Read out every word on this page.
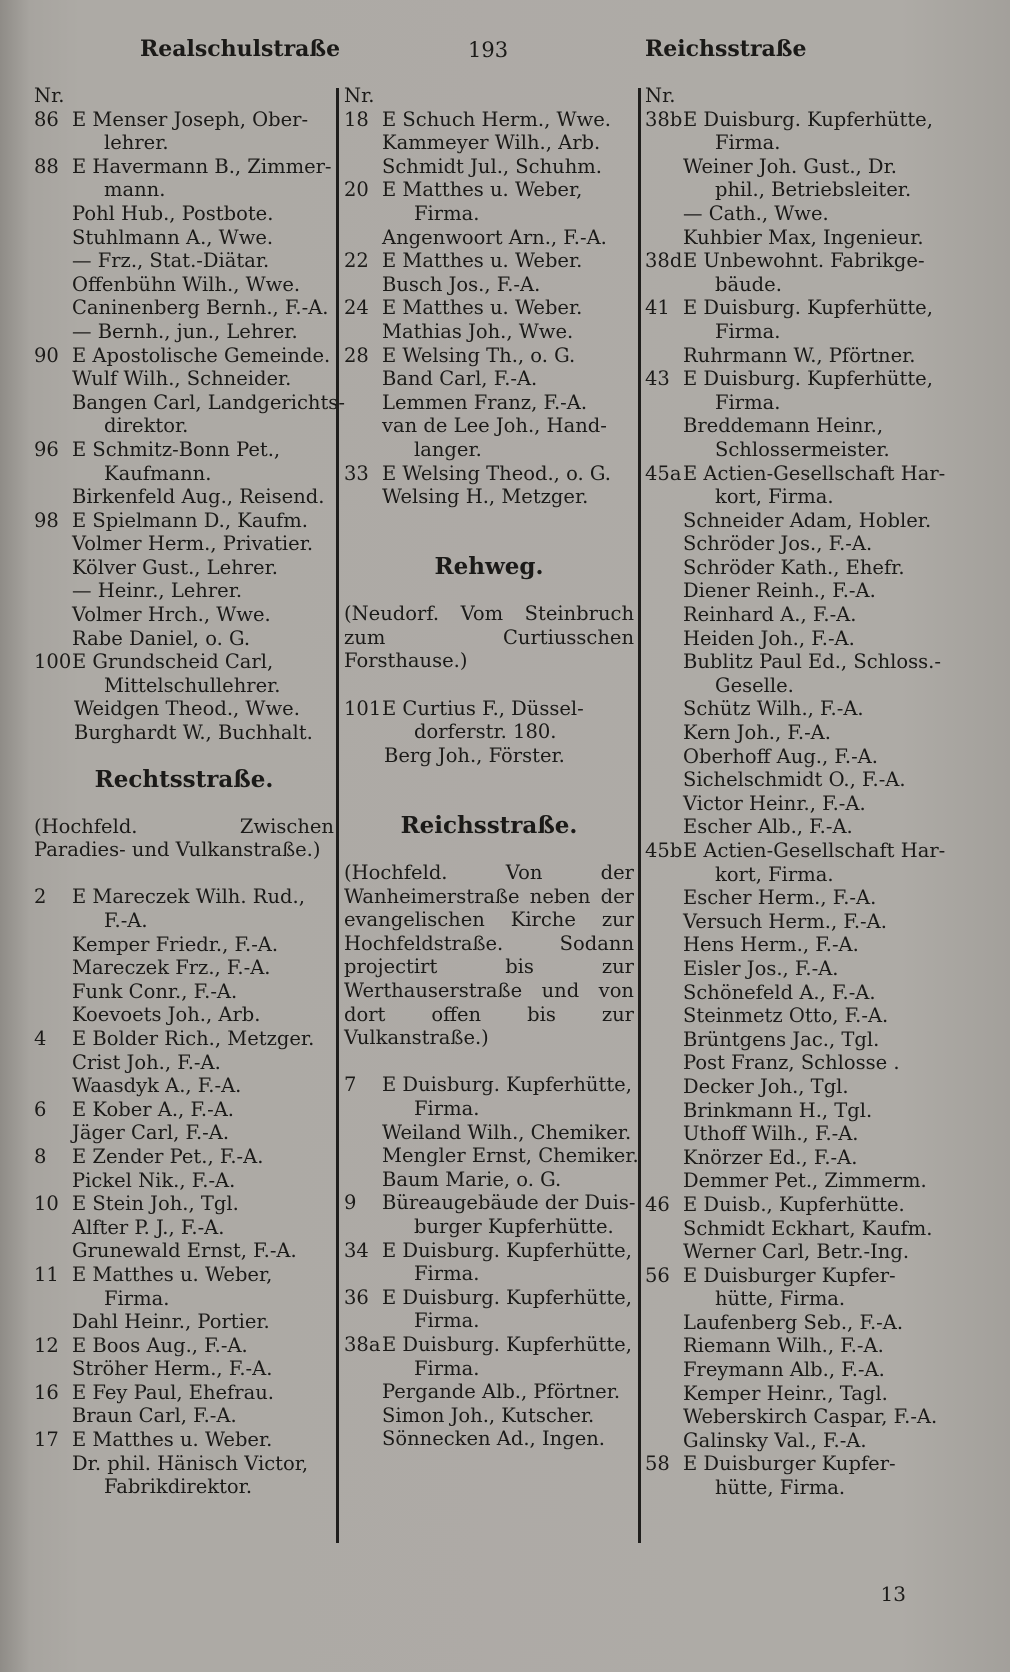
Realschulstraße	193	Reichsstraße
Nr.
86 E Menser Joseph, Ober-
lehrer.
88 E Havermann B., Zimmer-
mann.
Pohl Hub., Postbote.
Stuhlmann A., Wwe.
— Frz., Stat.-Diätar.
Offenbühn Wilh., Wwe.
Caninenberg Bernh., F.-A.
— Bernh., jun., Lehrer.
90 E Apostolische Gemeinde.
Wulf Wilh., Schneider.
Bangen Carl, Landgerichts-
direktor.
96 E Schmitz-Bonn Pet.,
Kaufmann.
Birkenfeld Aug., Reisend.
98 E Spielmann D., Kaufm.
Volmer Herm., Privatier.
Kölver Gust., Lehrer.
— Heinr., Lehrer.
Volmer Hrch., Wwe.
Rabe Daniel, o. G.
100E Grundscheid Carl,
Mittelschullehrer.
Weidgen Theod., Wwe.
Burghardt W., Buchhalt.
Rechtsstraße.
(Hochfeld. Zwischen Paradies- und Vulkanstraße.)
2 E Mareczek Wilh. Rud.,
F.-A.
Kemper Friedr., F.-A.
Mareczek Frz., F.-A.
Funk Conr., F.-A.
Koevoets Joh., Arb.
4 E Bolder Rich., Metzger.
Crist Joh., F.-A.
Waasdyk A., F.-A.
6 E Kober A., F.-A.
Jäger Carl, F.-A.
8 E Zender Pet., F.-A.
Pickel Nik., F.-A.
10 E Stein Joh., Tgl.
Alfter P. J., F.-A.
Grunewald Ernst, F.-A.
11 E Matthes u. Weber,
Firma.
Dahl Heinr., Portier.
12 E Boos Aug., F.-A.
Ströher Herm., F.-A.
16 E Fey Paul, Ehefrau.
Braun Carl, F.-A.
17 E Matthes u. Weber.
Dr. phil. Hänisch Victor,
Fabrikdirektor.
Nr.
18 E Schuch Herm., Wwe.
Kammeyer Wilh., Arb.
Schmidt Jul., Schuhm.
20 E Matthes u. Weber,
Firma.
Angenwoort Arn., F.-A.
22 E Matthes u. Weber.
Busch Jos., F.-A.
24 E Matthes u. Weber.
Mathias Joh., Wwe.
28 E Welsing Th., o. G.
Band Carl, F.-A.
Lemmen Franz, F.-A.
van de Lee Joh., Hand-
langer.
33 E Welsing Theod., o. G.
Welsing H., Metzger.
Rehweg.
(Neudorf. Vom Steinbruch zum Curtiusschen Forsthause.)
101E Curtius F., Düssel-
dorferstr. 180.
Berg Joh., Förster.
Reichsstraße.
(Hochfeld. Von der Wanheimerstraße neben der evangelischen Kirche zur Hochfeldstraße. Sodann projectirt bis zur Werthauserstraße und von dort offen bis zur Vulkanstraße.)
7 E Duisburg. Kupferhütte,
Firma.
Weiland Wilh., Chemiker.
Mengler Ernst, Chemiker.
Baum Marie, o. G.
9 Büreaugebäude der Duis-
burger Kupferhütte.
34 E Duisburg. Kupferhütte,
Firma.
36 E Duisburg. Kupferhütte,
Firma.
38aE Duisburg. Kupferhütte,
Firma.
Pergande Alb., Pförtner.
Simon Joh., Kutscher.
Sönnecken Ad., Ingen.
Nr.
38bE Duisburg. Kupferhütte,
Firma.
Weiner Joh. Gust., Dr.
phil., Betriebsleiter.
— Cath., Wwe.
Kuhbier Max, Ingenieur.
38dE Unbewohnt. Fabrikge-
bäude.
41 E Duisburg. Kupferhütte,
Firma.
Ruhrmann W., Pförtner.
43 E Duisburg. Kupferhütte,
Firma.
Breddemann Heinr.,
Schlossermeister.
45aE Actien-Gesellschaft Har-
kort, Firma.
Schneider Adam, Hobler.
Schröder Jos., F.-A.
Schröder Kath., Ehefr.
Diener Reinh., F.-A.
Reinhard A., F.-A.
Heiden Joh., F.-A.
Bublitz Paul Ed., Schloss.-
Geselle.
Schütz Wilh., F.-A.
Kern Joh., F.-A.
Oberhoff Aug., F.-A.
Sichelschmidt O., F.-A.
Victor Heinr., F.-A.
Escher Alb., F.-A.
45bE Actien-Gesellschaft Har-
kort, Firma.
Escher Herm., F.-A.
Versuch Herm., F.-A.
Hens Herm., F.-A.
Eisler Jos., F.-A.
Schönefeld A., F.-A.
Steinmetz Otto, F.-A.
Brüntgens Jac., Tgl.
Post Franz, Schlosse .
Decker Joh., Tgl.
Brinkmann H., Tgl.
Uthoff Wilh., F.-A.
Knörzer Ed., F.-A.
Demmer Pet., Zimmerm.
46 E Duisb., Kupferhütte.
Schmidt Eckhart, Kaufm.
Werner Carl, Betr.-Ing.
56 E Duisburger Kupfer-
hütte, Firma.
Laufenberg Seb., F.-A.
Riemann Wilh., F.-A.
Freymann Alb., F.-A.
Kemper Heinr., Tagl.
Weberskirch Caspar, F.-A.
Galinsky Val., F.-A.
58 E Duisburger Kupfer-
hütte, Firma.
13
